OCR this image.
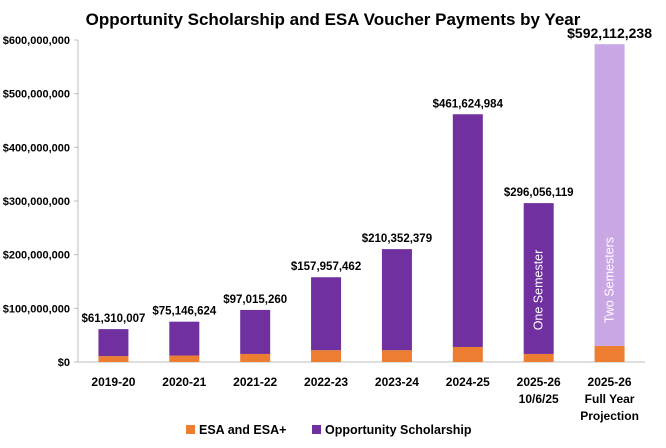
Opportunity Scholarship and ESA Voucher Payments by Year
$0
$100,000,000
$200,000,000
$300,000,000
$400,000,000
$500,000,000
$600,000,000
2019-20 2020-21 2021-22 2022-23 2023-24 2024-25 2025-26
10/6/25
2025-26
Full Year
Projection
$61,310,007
$75,146,624
$97,015,260
$157,957,462
$210,352,379
$461,624,984
$296,056,119
One Semester
$592,112,238
Two Semesters
ESA and ESA+	Opportunity Scholarship
